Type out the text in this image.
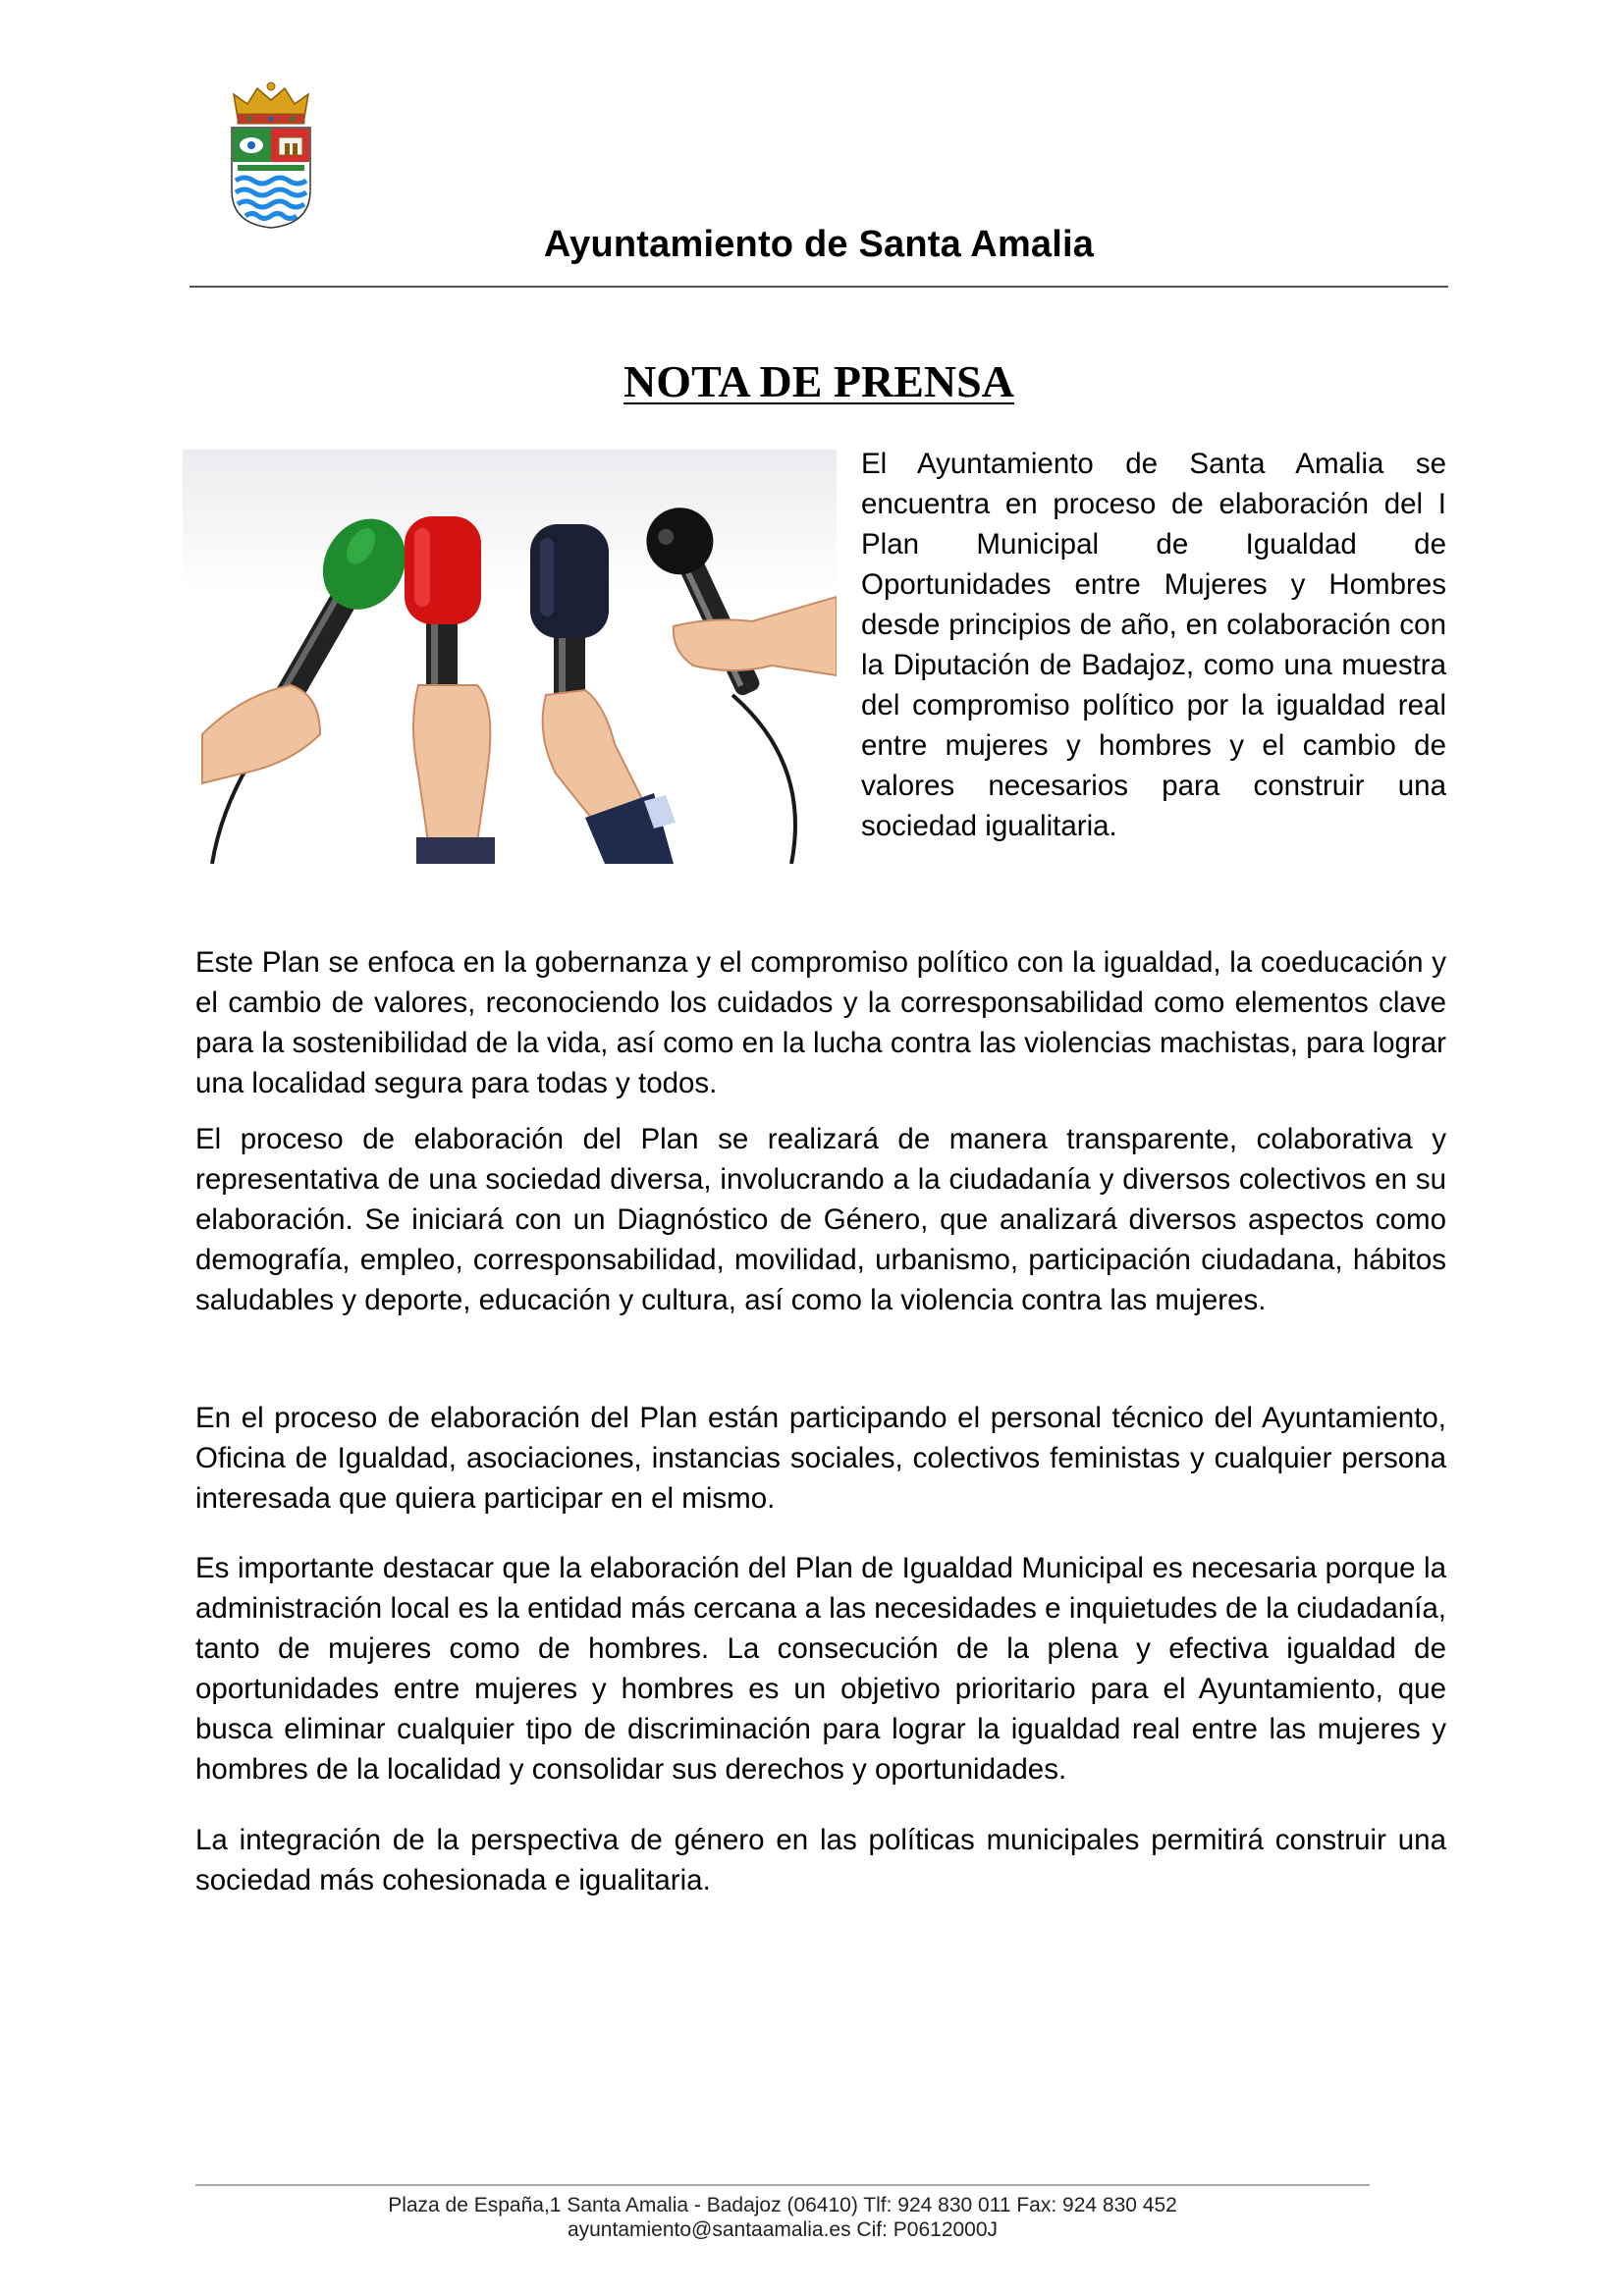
Ayuntamiento de Santa Amalia
NOTA DE PRENSA

El Ayuntamiento de Santa Amalia se encuentra en proceso de elaboración del I Plan Municipal de Igualdad de Oportunidades entre Mujeres y Hombres desde principios de año, en colaboración con la Diputación de Badajoz, como una muestra del compromiso político por la igualdad real entre mujeres y hombres y el cambio de valores necesarios para construir una sociedad igualitaria.

Este Plan se enfoca en la gobernanza y el compromiso político con la igualdad, la coeducación y el cambio de valores, reconociendo los cuidados y la corresponsabilidad como elementos clave para la sostenibilidad de la vida, así como en la lucha contra las violencias machistas, para lograr una localidad segura para todas y todos.

El proceso de elaboración del Plan se realizará de manera transparente, colaborativa y representativa de una sociedad diversa, involucrando a la ciudadanía y diversos colectivos en su elaboración. Se iniciará con un Diagnóstico de Género, que analizará diversos aspectos como demografía, empleo, corresponsabilidad, movilidad, urbanismo, participación ciudadana, hábitos saludables y deporte, educación y cultura, así como la violencia contra las mujeres.

En el proceso de elaboración del Plan están participando el personal técnico del Ayuntamiento, Oficina de Igualdad, asociaciones, instancias sociales, colectivos feministas y cualquier persona interesada que quiera participar en el mismo.

Es importante destacar que la elaboración del Plan de Igualdad Municipal es necesaria porque la administración local es la entidad más cercana a las necesidades e inquietudes de la ciudadanía, tanto de mujeres como de hombres. La consecución de la plena y efectiva igualdad de oportunidades entre mujeres y hombres es un objetivo prioritario para el Ayuntamiento, que busca eliminar cualquier tipo de discriminación para lograr la igualdad real entre las mujeres y hombres de la localidad y consolidar sus derechos y oportunidades.

La integración de la perspectiva de género en las políticas municipales permitirá construir una sociedad más cohesionada e igualitaria.

Plaza de España,1 Santa Amalia - Badajoz (06410) Tlf: 924 830 011 Fax: 924 830 452
ayuntamiento@santaamalia.es Cif: P0612000J
